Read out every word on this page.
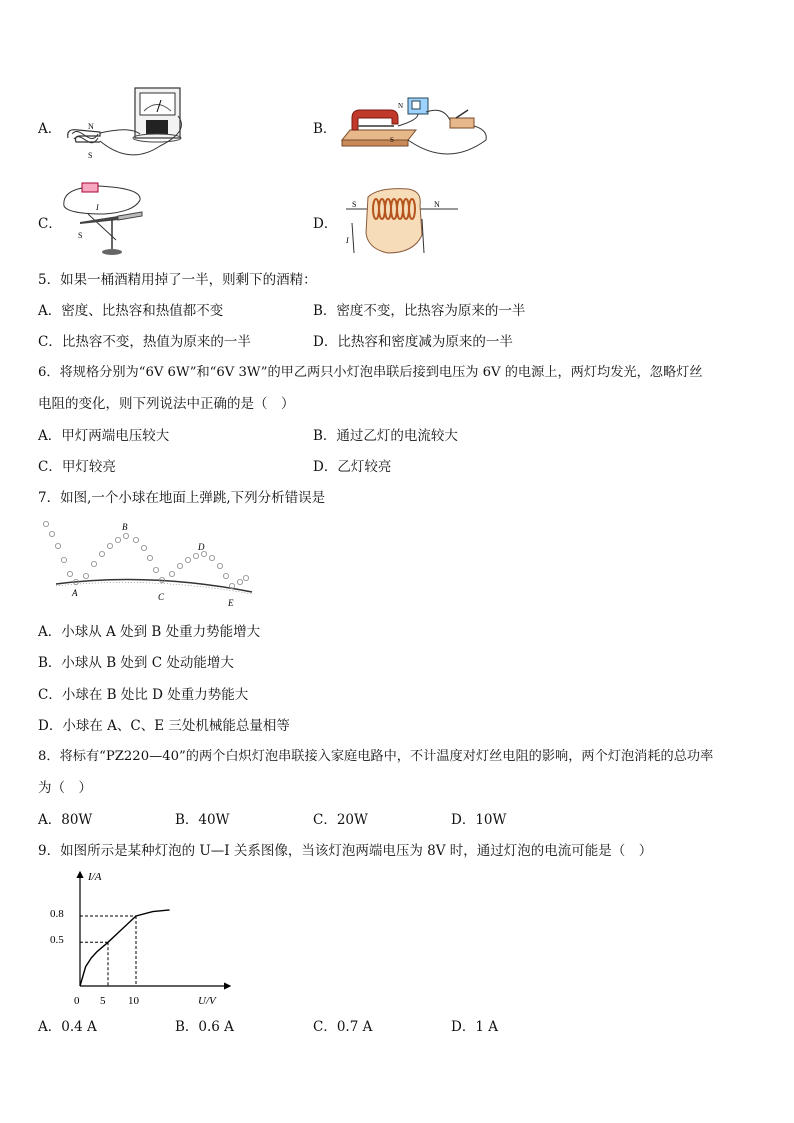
A．	N
S
B．
N
S
C．
S
I
D．
S	N
I
5．如果一桶酒精用掉了一半，则剩下的酒精：
A．密度、比热容和热值都不变	B．密度不变，比热容为原来的一半
C．比热容不变，热值为原来的一半	D．比热容和密度减为原来的一半
6．将规格分别为“6V 6W”和“6V 3W”的甲乙两只小灯泡串联后接到电压为 6V 的电源上，两灯均发光，忽略灯丝
电阻的变化，则下列说法中正确的是（　）
A．甲灯两端电压较大	B．通过乙灯的电流较大
C．甲灯较亮	D．乙灯较亮
7．如图,一个小球在地面上弹跳,下列分析错误是
A
B
C
D
E
A．小球从 A 处到 B 处重力势能增大
B．小球从 B 处到 C 处动能增大
C．小球在 B 处比 D 处重力势能大
D．小球在 A、C、E 三处机械能总量相等
8．将标有“PZ220—40”的两个白炽灯泡串联接入家庭电路中，不计温度对灯丝电阻的影响，两个灯泡消耗的总功率
为（　）
A．80W	B．40W	C．20W	D．10W
9．如图所示是某种灯泡的 U—I 关系图像，当该灯泡两端电压为 8V 时，通过灯泡的电流可能是（　）
I/A
U/V
0 5 10
0.5
0.8
A．0.4 A	B．0.6 A	C．0.7 A	D．1 A
